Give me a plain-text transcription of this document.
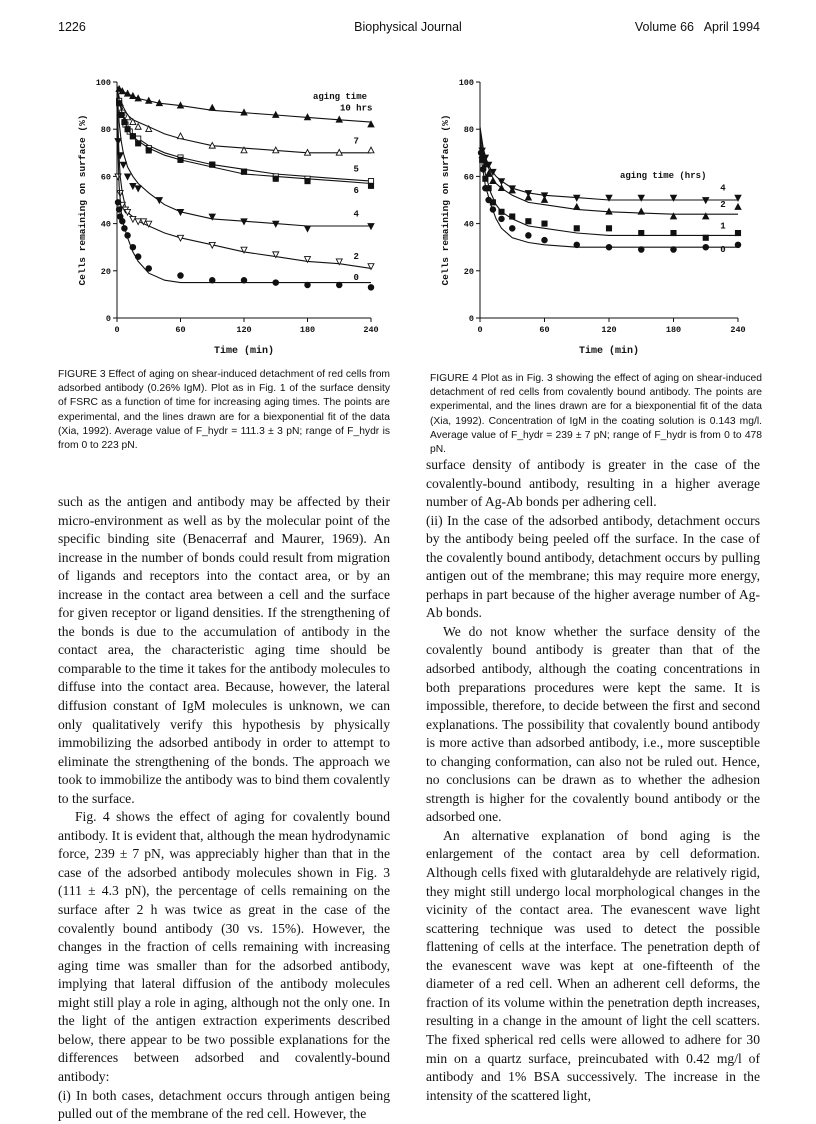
1226	Biophysical Journal	Volume 66   April 1994
0
20
40
60
80
100
0	60	120	180	240
Time (min)
Cells remaining on surface (%)
10 hrs
7
5
6
4
2
0
aging time
0
20
40
60
80
100
0	60	120	180	240
Time (min)
Cells remaining on surface (%)	4
2
1
0
aging time (hrs)
FIGURE 3 Effect of aging on shear-induced detachment of red cells from adsorbed antibody (0.26% IgM). Plot as in Fig. 1 of the surface density of FSRC as a function of time for increasing aging times. The points are experimental, and the lines drawn are for a biexponential fit of the data (Xia, 1992). Average value of F_hydr = 111.3 ± 3 pN; range of F_hydr is from 0 to 223 pN.
FIGURE 4 Plot as in Fig. 3 showing the effect of aging on shear-induced detachment of red cells from covalently bound antibody. The points are experimental, and the lines drawn are for a biexponential fit of the data (Xia, 1992). Concentration of IgM in the coating solution is 0.143 mg/l. Average value of F_hydr = 239 ± 7 pN; range of F_hydr is from 0 to 478 pN.

such as the antigen and antibody may be affected by their micro-environment as well as by the molecular point of the specific binding site (Benacerraf and Maurer, 1969). An increase in the number of bonds could result from migration of ligands and receptors into the contact area, or by an increase in the contact area between a cell and the surface for given receptor or ligand densities. If the strengthening of the bonds is due to the accumulation of antibody in the contact area, the characteristic aging time should be comparable to the time it takes for the antibody molecules to diffuse into the contact area. Because, however, the lateral diffusion constant of IgM molecules is unknown, we can only qualitatively verify this hypothesis by physically immobilizing the adsorbed antibody in order to attempt to eliminate the strengthening of the bonds. The approach we took to immobilize the antibody was to bind them covalently to the surface.

Fig. 4 shows the effect of aging for covalently bound antibody. It is evident that, although the mean hydrodynamic force, 239 ± 7 pN, was appreciably higher than that in the case of the adsorbed antibody molecules shown in Fig. 3 (111 ± 4.3 pN), the percentage of cells remaining on the surface after 2 h was twice as great in the case of the covalently bound antibody (30 vs. 15%). However, the changes in the fraction of cells remaining with increasing aging time was smaller than for the adsorbed antibody, implying that lateral diffusion of the antibody molecules might still play a role in aging, although not the only one. In the light of the antigen extraction experiments described below, there appear to be two possible explanations for the differences between adsorbed and covalently-bound antibody:

(i) In both cases, detachment occurs through antigen being pulled out of the membrane of the red cell. However, the

surface density of antibody is greater in the case of the covalently-bound antibody, resulting in a higher average number of Ag-Ab bonds per adhering cell.

(ii) In the case of the adsorbed antibody, detachment occurs by the antibody being peeled off the surface. In the case of the covalently bound antibody, detachment occurs by pulling antigen out of the membrane; this may require more energy, perhaps in part because of the higher average number of Ag-Ab bonds.

We do not know whether the surface density of the covalently bound antibody is greater than that of the adsorbed antibody, although the coating concentrations in both preparations procedures were kept the same. It is impossible, therefore, to decide between the first and second explanations. The possibility that covalently bound antibody is more active than adsorbed antibody, i.e., more susceptible to changing conformation, can also not be ruled out. Hence, no conclusions can be drawn as to whether the adhesion strength is higher for the covalently bound antibody or the adsorbed one.

An alternative explanation of bond aging is the enlargement of the contact area by cell deformation. Although cells fixed with glutaraldehyde are relatively rigid, they might still undergo local morphological changes in the vicinity of the contact area. The evanescent wave light scattering technique was used to detect the possible flattening of cells at the interface. The penetration depth of the evanescent wave was kept at one-fifteenth of the diameter of a red cell. When an adherent cell deforms, the fraction of its volume within the penetration depth increases, resulting in a change in the amount of light the cell scatters. The fixed spherical red cells were allowed to adhere for 30 min on a quartz surface, preincubated with 0.42 mg/l of antibody and 1% BSA successively. The increase in the intensity of the scattered light,
